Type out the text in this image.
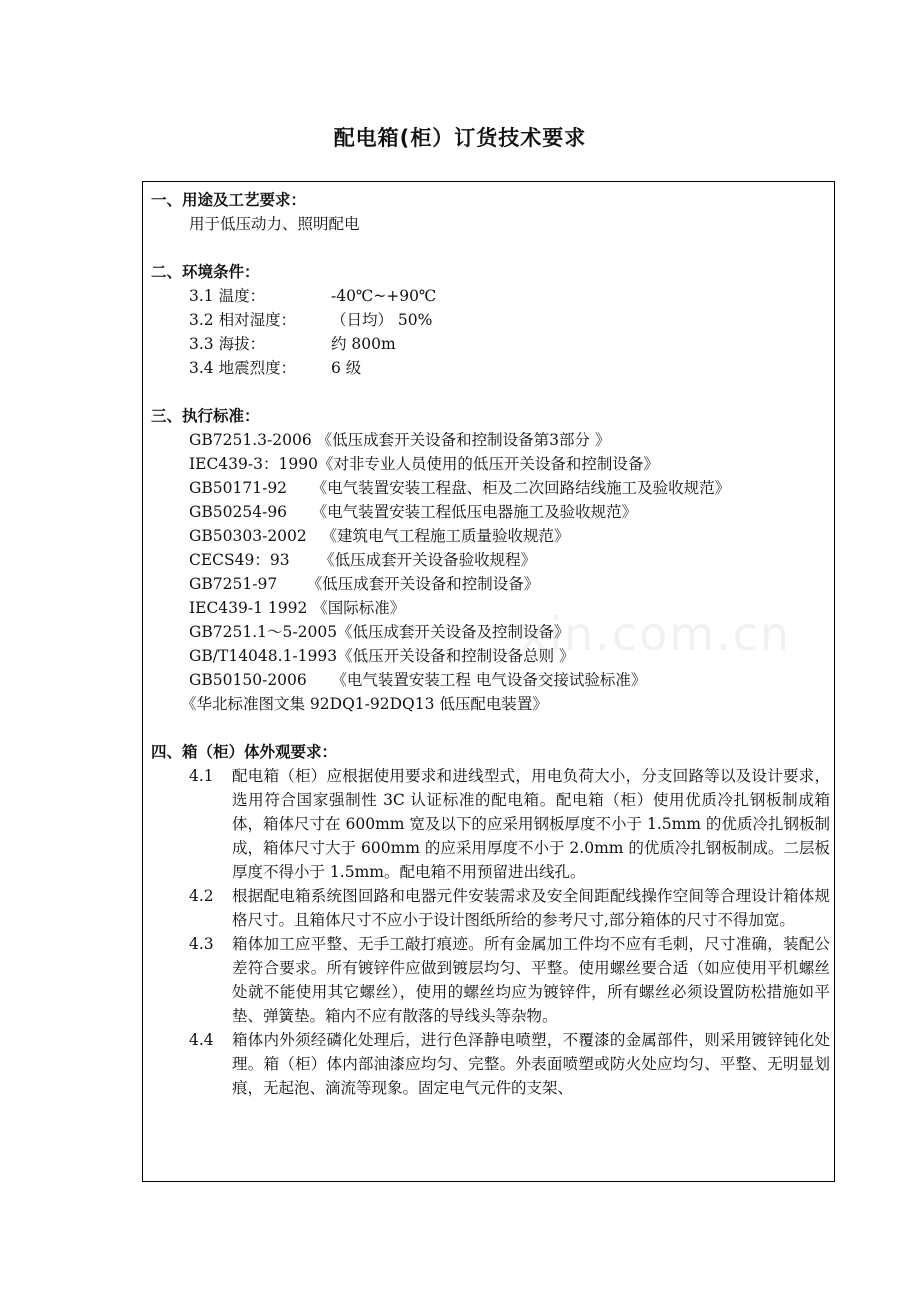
配电箱(柜）订货技术要求
一、用途及工艺要求：
用于低压动力、照明配电
二、环境条件：
3.1 温度：	-40℃~+90℃
3.2 相对湿度： （日均） 50%
3.3 海拔：	约 800m
3.4 地震烈度： 6 级
三、执行标准：
GB7251.3-2006 《低压成套开关设备和控制设备第3部分 》
IEC439-3：1990《对非专业人员使用的低压开关设备和控制设备》
GB50171-92     《电气装置安装工程盘、柜及二次回路结线施工及验收规范》
GB50254-96     《电气装置安装工程低压电器施工及验收规范》
GB50303-2002   《建筑电气工程施工质量验收规范》
CECS49：93      《低压成套开关设备验收规程》
GB7251-97      《低压成套开关设备和控制设备》
IEC439-1 1992 《国际标准》
GB7251.1～5-2005《低压成套开关设备及控制设备》
GB/T14048.1-1993《低压开关设备和控制设备总则 》
GB50150-2006     《电气装置安装工程 电气设备交接试验标准》
《华北标准图文集 92DQ1-92DQ13 低压配电装置》
四、箱（柜）体外观要求：
4.1 配电箱（柜）应根据使用要求和进线型式，用电负荷大小，分支回路等以及设计要求，选用符合国家强制性 3C 认证标准的配电箱。配电箱（柜）使用优质冷扎钢板制成箱体，箱体尺寸在 600mm 宽及以下的应采用钢板厚度不小于 1.5mm 的优质冷扎钢板制成，箱体尺寸大于 600mm 的应采用厚度不小于 2.0mm 的优质冷扎钢板制成。二层板厚度不得小于 1.5mm。配电箱不用预留进出线孔。
4.2 根据配电箱系统图回路和电器元件安装需求及安全间距配线操作空间等合理设计箱体规格尺寸。且箱体尺寸不应小于设计图纸所给的参考尺寸,部分箱体的尺寸不得加宽。
4.3 箱体加工应平整、无手工敲打痕迹。所有金属加工件均不应有毛刺，尺寸准确，装配公差符合要求。所有镀锌件应做到镀层均匀、平整。使用螺丝要合适（如应使用平机螺丝处就不能使用其它螺丝），使用的螺丝均应为镀锌件，所有螺丝必须设置防松措施如平垫、弹簧垫。箱内不应有散落的导线头等杂物。
4.4 箱体内外须经磷化处理后，进行色泽静电喷塑，不覆漆的金属部件，则采用镀锌钝化处理。箱（柜）体内部油漆应均匀、完整。外表面喷塑或防火处应均匀、平整、无明显划痕，无起泡、滴流等现象。固定电气元件的支架、
xin.com.cn
